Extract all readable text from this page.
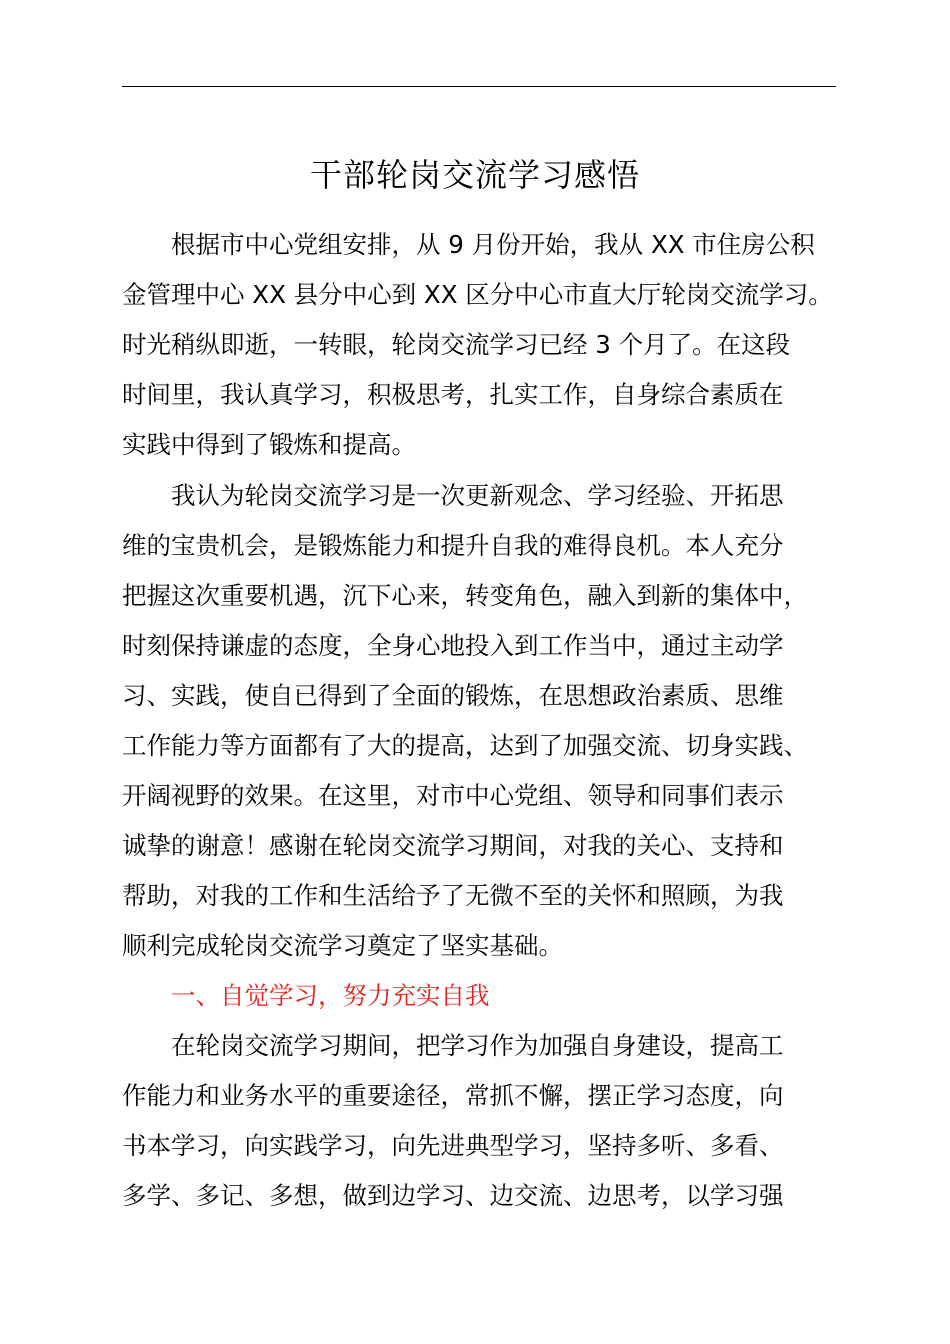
干部轮岗交流学习感悟
　　根据市中心党组安排，从 9 月份开始，我从 XX 市住房公积
金管理中心 XX 县分中心到 XX 区分中心市直大厅轮岗交流学习。
时光稍纵即逝，一转眼，轮岗交流学习已经 3 个月了。在这段
时间里，我认真学习，积极思考，扎实工作，自身综合素质在
实践中得到了锻炼和提高。
　　我认为轮岗交流学习是一次更新观念、学习经验、开拓思
维的宝贵机会，是锻炼能力和提升自我的难得良机。本人充分
把握这次重要机遇，沉下心来，转变角色，融入到新的集体中，
时刻保持谦虚的态度，全身心地投入到工作当中，通过主动学
习、实践，使自已得到了全面的锻炼，在思想政治素质、思维
工作能力等方面都有了大的提高，达到了加强交流、切身实践、
开阔视野的效果。在这里，对市中心党组、领导和同事们表示
诚挚的谢意！感谢在轮岗交流学习期间，对我的关心、支持和
帮助，对我的工作和生活给予了无微不至的关怀和照顾，为我
顺利完成轮岗交流学习奠定了坚实基础。
　　一、自觉学习，努力充实自我
　　在轮岗交流学习期间，把学习作为加强自身建设，提高工
作能力和业务水平的重要途径，常抓不懈，摆正学习态度，向
书本学习，向实践学习，向先进典型学习，坚持多听、多看、
多学、多记、多想，做到边学习、边交流、边思考，以学习强
